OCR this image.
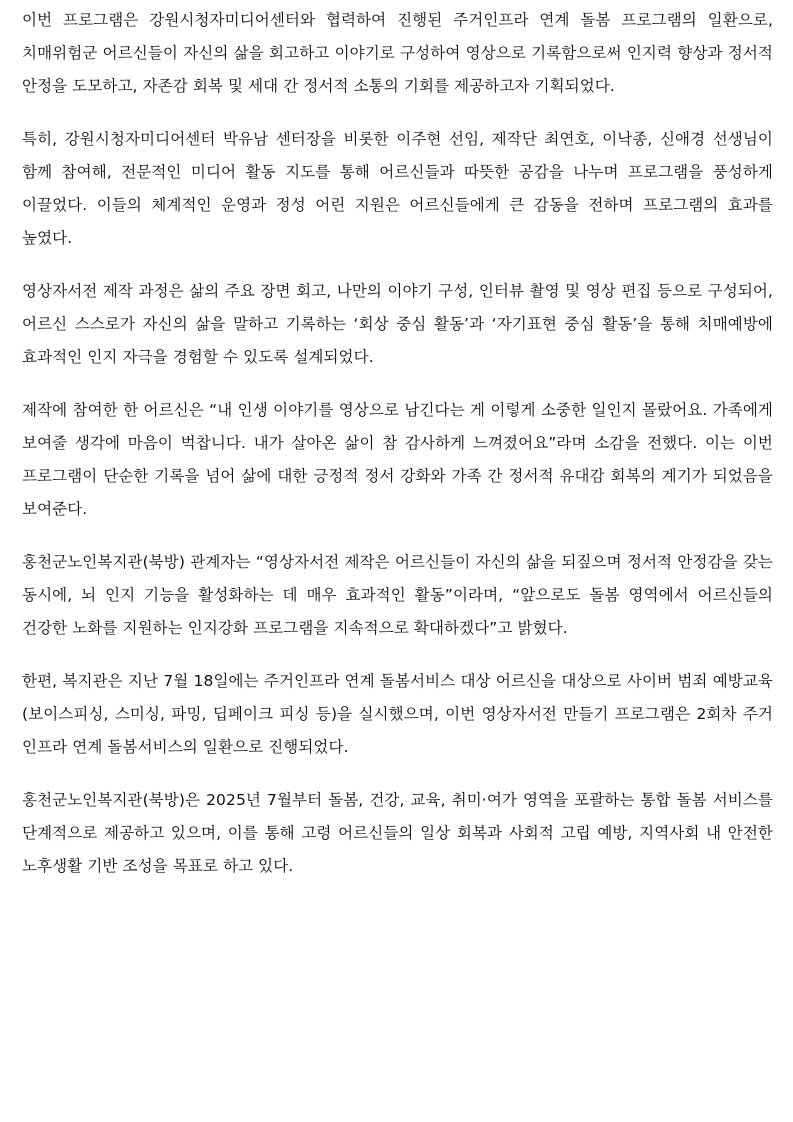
이번 프로그램은 강원시청자미디어센터와 협력하여 진행된 주거인프라 연계 돌봄 프로그램의 일환으로, 치매위험군 어르신들이 자신의 삶을 회고하고 이야기로 구성하여 영상으로 기록함으로써 인지력 향상과 정서적 안정을 도모하고, 자존감 회복 및 세대 간 정서적 소통의 기회를 제공하고자 기획되었다.

특히, 강원시청자미디어센터 박유남 센터장을 비롯한 이주현 선임, 제작단 최연호, 이낙종, 신애경 선생님이 함께 참여해, 전문적인 미디어 활동 지도를 통해 어르신들과 따뜻한 공감을 나누며 프로그램을 풍성하게 이끌었다. 이들의 체계적인 운영과 정성 어린 지원은 어르신들에게 큰 감동을 전하며 프로그램의 효과를 높였다.

영상자서전 제작 과정은 삶의 주요 장면 회고, 나만의 이야기 구성, 인터뷰 촬영 및 영상 편집 등으로 구성되어, 어르신 스스로가 자신의 삶을 말하고 기록하는 ‘회상 중심 활동’과 ‘자기표현 중심 활동’을 통해 치매예방에 효과적인 인지 자극을 경험할 수 있도록 설계되었다.

제작에 참여한 한 어르신은 “내 인생 이야기를 영상으로 남긴다는 게 이렇게 소중한 일인지 몰랐어요. 가족에게 보여줄 생각에 마음이 벅찹니다. 내가 살아온 삶이 참 감사하게 느껴졌어요”라며 소감을 전했다. 이는 이번 프로그램이 단순한 기록을 넘어 삶에 대한 긍정적 정서 강화와 가족 간 정서적 유대감 회복의 계기가 되었음을 보여준다.

홍천군노인복지관(북방) 관계자는 “영상자서전 제작은 어르신들이 자신의 삶을 되짚으며 정서적 안정감을 갖는 동시에, 뇌 인지 기능을 활성화하는 데 매우 효과적인 활동”이라며, “앞으로도 돌봄 영역에서 어르신들의 건강한 노화를 지원하는 인지강화 프로그램을 지속적으로 확대하겠다”고 밝혔다.

한편, 복지관은 지난 7월 18일에는 주거인프라 연계 돌봄서비스 대상 어르신을 대상으로 사이버 범죄 예방교육(보이스피싱, 스미싱, 파밍, 딥페이크 피싱 등)을 실시했으며, 이번 영상자서전 만들기 프로그램은 2회차 주거 인프라 연계 돌봄서비스의 일환으로 진행되었다.

홍천군노인복지관(북방)은 2025년 7월부터 돌봄, 건강, 교육, 취미·여가 영역을 포괄하는 통합 돌봄 서비스를 단계적으로 제공하고 있으며, 이를 통해 고령 어르신들의 일상 회복과 사회적 고립 예방, 지역사회 내 안전한 노후생활 기반 조성을 목표로 하고 있다.
